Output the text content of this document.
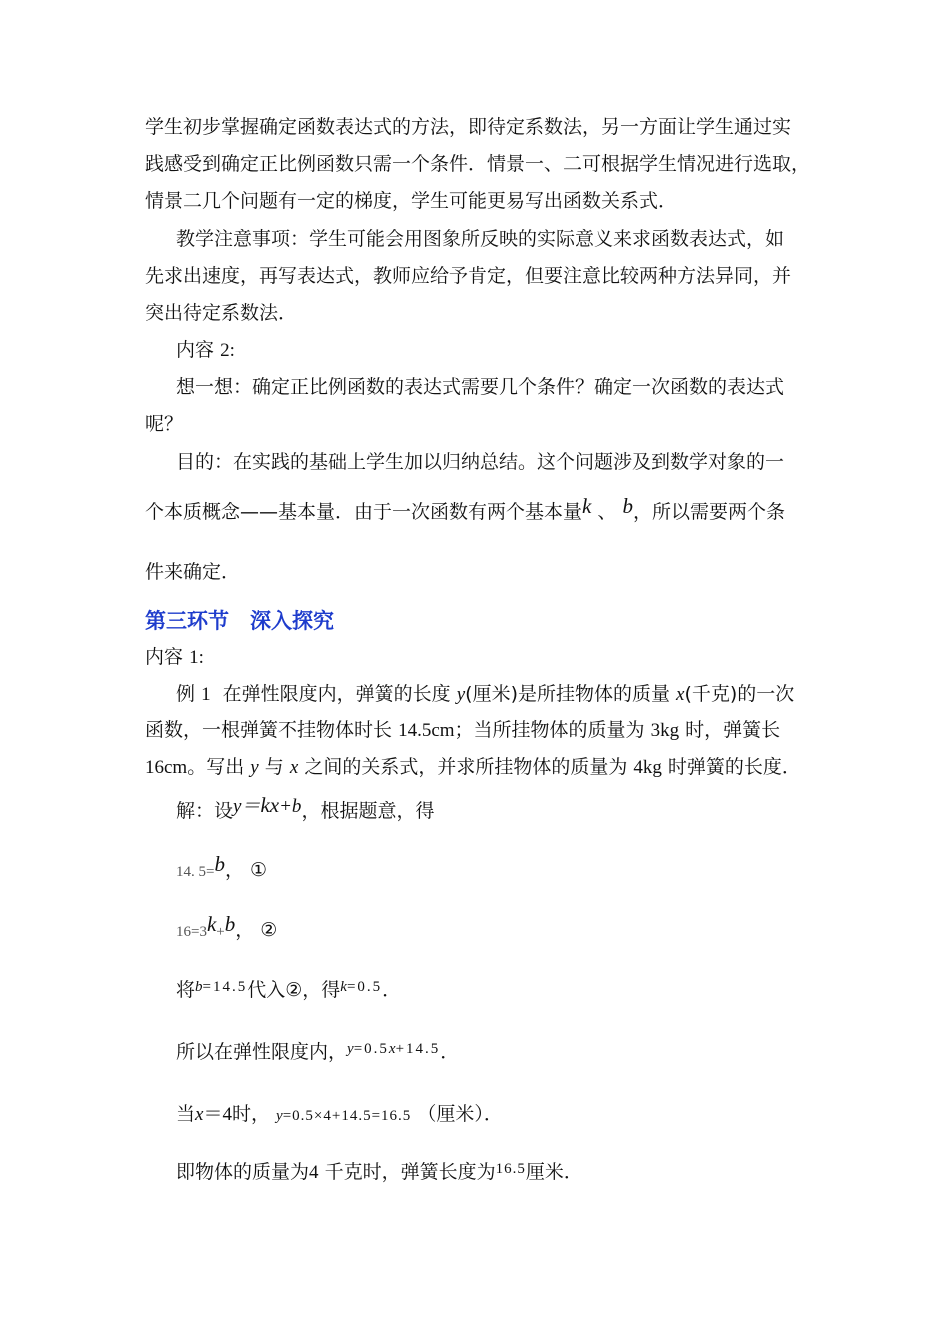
学生初步掌握确定函数表达式的方法，即待定系数法，另一方面让学生通过实
践感受到确定正比例函数只需一个条件．情景一、二可根据学生情况进行选取，
情景二几个问题有一定的梯度，学生可能更易写出函数关系式．
教学注意事项：学生可能会用图象所反映的实际意义来求函数表达式，如
先求出速度，再写表达式，教师应给予肯定，但要注意比较两种方法异同，并
突出待定系数法．
内容 2:
想一想：确定正比例函数的表达式需要几个条件？确定一次函数的表达式
呢？
目的：在实践的基础上学生加以归纳总结。这个问题涉及到数学对象的一
个本质概念——基本量．由于一次函数有两个基本量k 、 b，所以需要两个条
件来确定．
第三环节　深入探究
内容 1:
例 1 在弹性限度内，弹簧的长度 y(厘米)是所挂物体的质量 x(千克)的一次
函数，一根弹簧不挂物体时长 14.5cm；当所挂物体的质量为 3kg 时，弹簧长
16cm。写出 y 与 x 之间的关系式，并求所挂物体的质量为 4kg 时弹簧的长度．
解：设y＝kx+b，根据题意，得
14. 5=b， ①
16=3k+b， ②
将$^{b=14.5}$代入②，得$^{k=0.5}$．
所以在弹性限度内，$^{y=0.5x+14.5}$．
当x＝4时， y=0.5×4+14.5=16.5 （厘米）．
即物体的质量为4 千克时，弹簧长度为$^{16.5}$厘米．
